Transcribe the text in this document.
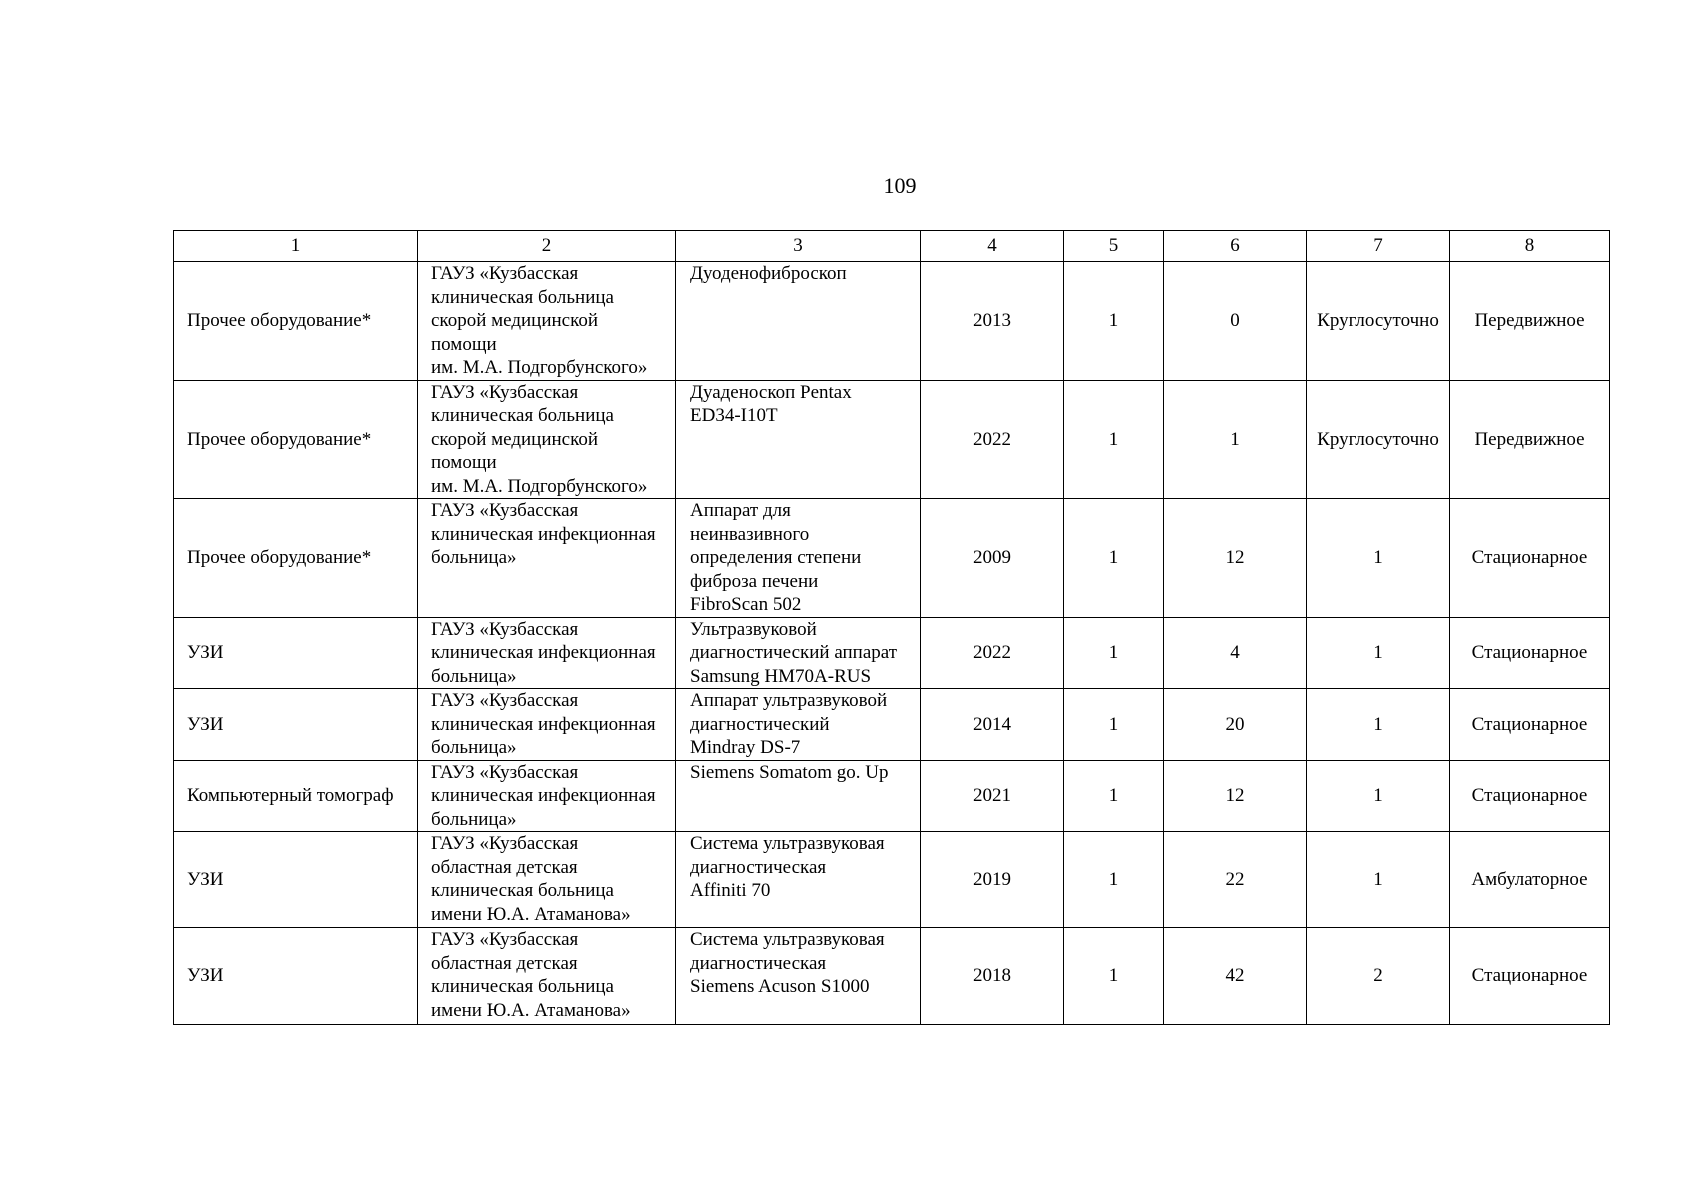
109
1	2	3	4	5	6	7	8
Прочее оборудование*	ГАУЗ «Кузбасская
клиническая больница
скорой медицинской
помощи
им. М.А. Подгорбунского»	Дуоденофиброскоп	2013	1	0	Круглосуточно	Передвижное
Прочее оборудование*	ГАУЗ «Кузбасская
клиническая больница
скорой медицинской
помощи
им. М.А. Подгорбунского»	Дуаденоскоп Pentax
ED34-I10T	2022	1	1	Круглосуточно	Передвижное
Прочее оборудование*	ГАУЗ «Кузбасская
клиническая инфекционная
больница»	Аппарат для
неинвазивного
определения степени
фиброза печени
FibroScan 502	2009	1	12	1	Стационарное
УЗИ	ГАУЗ «Кузбасская
клиническая инфекционная
больница»	Ультразвуковой
диагностический аппарат
Samsung HM70A-RUS	2022	1	4	1	Стационарное
УЗИ	ГАУЗ «Кузбасская
клиническая инфекционная
больница»	Аппарат ультразвуковой
диагностический
Mindray DS-7	2014	1	20	1	Стационарное
Компьютерный томограф	ГАУЗ «Кузбасская
клиническая инфекционная
больница»	Siemens Somatom go. Up	2021	1	12	1	Стационарное
УЗИ	ГАУЗ «Кузбасская
областная детская
клиническая больница
имени Ю.А. Атаманова»	Система ультразвуковая
диагностическая
Affiniti 70	2019	1	22	1	Амбулаторное
УЗИ	ГАУЗ «Кузбасская
областная детская
клиническая больница
имени Ю.А. Атаманова»	Система ультразвуковая
диагностическая
Siemens Acuson S1000	2018	1	42	2	Стационарное
